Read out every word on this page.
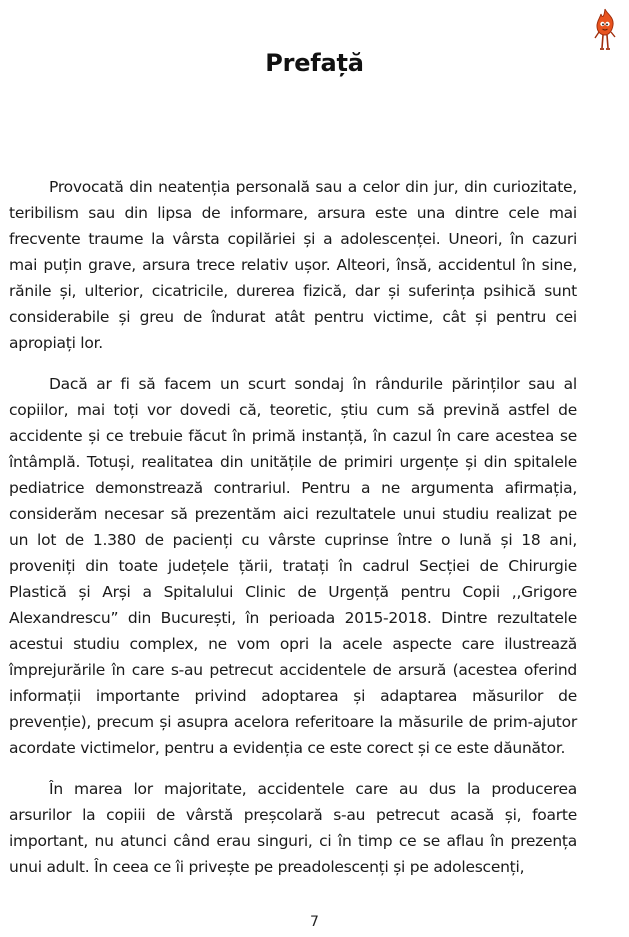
Prefață

Provocată din neatenția personală sau a celor din jur, din curiozitate, teribilism sau din lipsa de informare, arsura este una dintre cele mai frecvente traume la vârsta copilăriei și a adolescenței. Uneori, în cazuri mai puțin grave, arsura trece relativ ușor. Alteori, însă, accidentul în sine, rănile și, ulterior, cicatricile, durerea fizică, dar și suferința psihică sunt considerabile și greu de îndurat atât pentru victime, cât și pentru cei apropiați lor.

Dacă ar fi să facem un scurt sondaj în rândurile părinților sau al copiilor, mai toți vor dovedi că, teoretic, știu cum să prevină astfel de accidente și ce trebuie făcut în primă instanță, în cazul în care acestea se întâmplă. Totuși, realitatea din unitățile de primiri urgențe și din spitalele pediatrice demonstrează contrariul. Pentru a ne argumenta afirmația, considerăm necesar să prezentăm aici rezultatele unui studiu realizat pe un lot de 1.380 de pacienți cu vârste cuprinse între o lună și 18 ani, proveniți din toate județele țării, tratați în cadrul Secției de Chirurgie Plastică și Arși a Spitalului Clinic de Urgență pentru Copii ,,Grigore Alexandrescu” din București, în perioada 2015-2018. Dintre rezultatele acestui studiu complex, ne vom opri la acele aspecte care ilustrează împrejurările în care s-au petrecut accidentele de arsură (acestea oferind informații importante privind adoptarea și adaptarea măsurilor de prevenție), precum și asupra acelora referitoare la măsurile de prim-ajutor acordate victimelor, pentru a evidenția ce este corect și ce este dăunător.

În marea lor majoritate, accidentele care au dus la producerea arsurilor la copiii de vârstă preșcolară s-au petrecut acasă și, foarte important, nu atunci când erau singuri, ci în timp ce se aflau în prezența unui adult. În ceea ce îi privește pe preadolescenți și pe adolescenți,

7
